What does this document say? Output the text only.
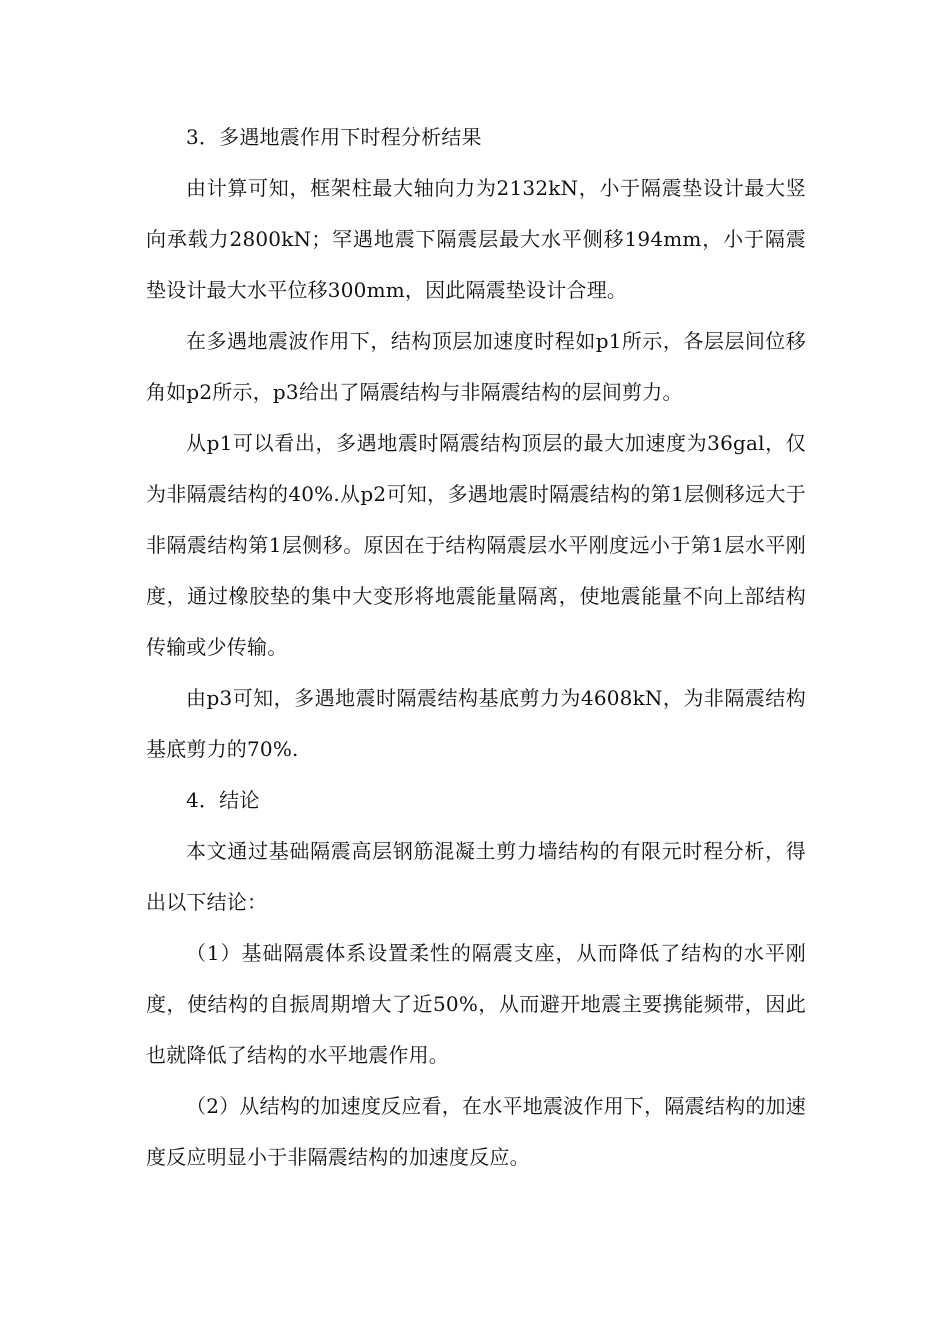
3．多遇地震作用下时程分析结果

由计算可知，框架柱最大轴向力为2132kN，小于隔震垫设计最大竖向承载力2800kN；罕遇地震下隔震层最大水平侧移194mm，小于隔震垫设计最大水平位移300mm，因此隔震垫设计合理。

在多遇地震波作用下，结构顶层加速度时程如p1所示，各层层间位移角如p2所示，p3给出了隔震结构与非隔震结构的层间剪力。

从p1可以看出，多遇地震时隔震结构顶层的最大加速度为36gal，仅为非隔震结构的40%.从p2可知，多遇地震时隔震结构的第1层侧移远大于非隔震结构第1层侧移。原因在于结构隔震层水平刚度远小于第1层水平刚度，通过橡胶垫的集中大变形将地震能量隔离，使地震能量不向上部结构传输或少传输。

由p3可知，多遇地震时隔震结构基底剪力为4608kN，为非隔震结构基底剪力的70%.

4．结论

本文通过基础隔震高层钢筋混凝土剪力墙结构的有限元时程分析，得出以下结论：

（1）基础隔震体系设置柔性的隔震支座，从而降低了结构的水平刚度，使结构的自振周期增大了近50%，从而避开地震主要携能频带，因此也就降低了结构的水平地震作用。

（2）从结构的加速度反应看，在水平地震波作用下，隔震结构的加速度反应明显小于非隔震结构的加速度反应。
